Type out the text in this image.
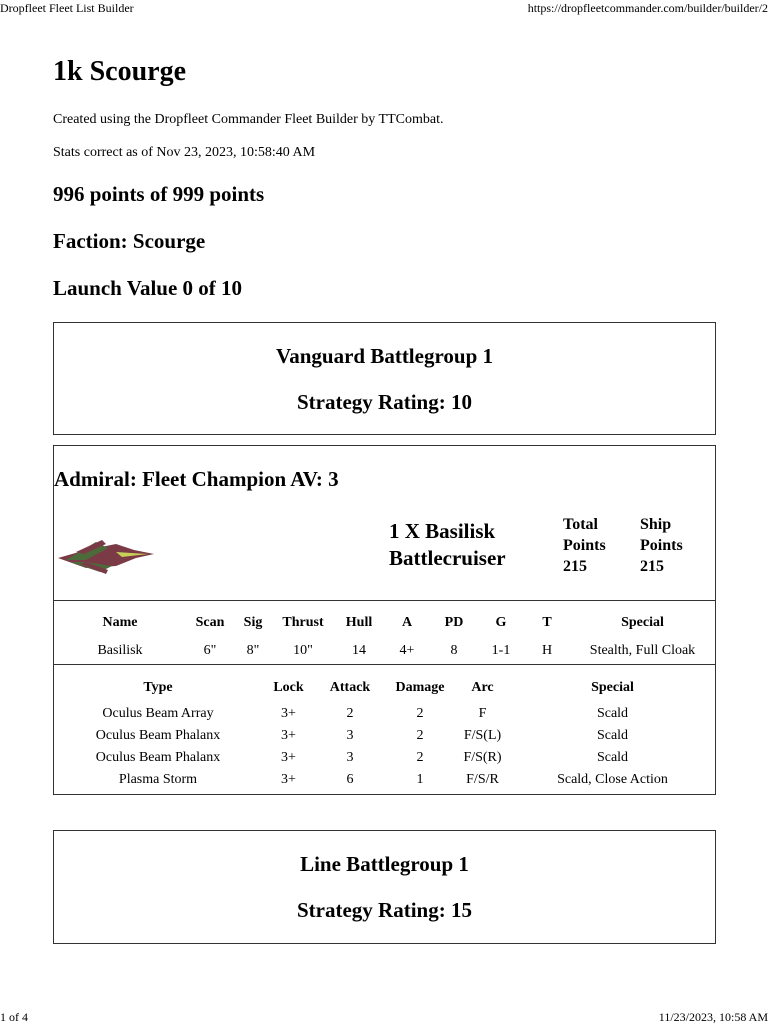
Dropfleet Fleet List Builder	https://dropfleetcommander.com/builder/builder/2
1k Scourge

Created using the Dropfleet Commander Fleet Builder by TTCombat.

Stats correct as of Nov 23, 2023, 10:58:40 AM

996 points of 999 points
Faction: Scourge
Launch Value 0 of 10
Vanguard Battlegroup 1
Strategy Rating: 10
Admiral: Fleet Champion AV: 3
1 X Basilisk
Battlecruiser
Total
Points
215
Ship
Points
215
Name	Scan	Sig	Thrust	Hull	A	PD	G	T	Special
Basilisk	6"	8"	10"	14	4+	8	1-1	H	Stealth, Full Cloak
Type	Lock	Attack	Damage	Arc	Special
Oculus Beam Array	3+	2	2	F	Scald
Oculus Beam Phalanx	3+	3	2	F/S(L)	Scald
Oculus Beam Phalanx	3+	3	2	F/S(R)	Scald
Plasma Storm	3+	6	1	F/S/R	Scald, Close Action
Line Battlegroup 1
Strategy Rating: 15
1 of 4	11/23/2023, 10:58 AM
